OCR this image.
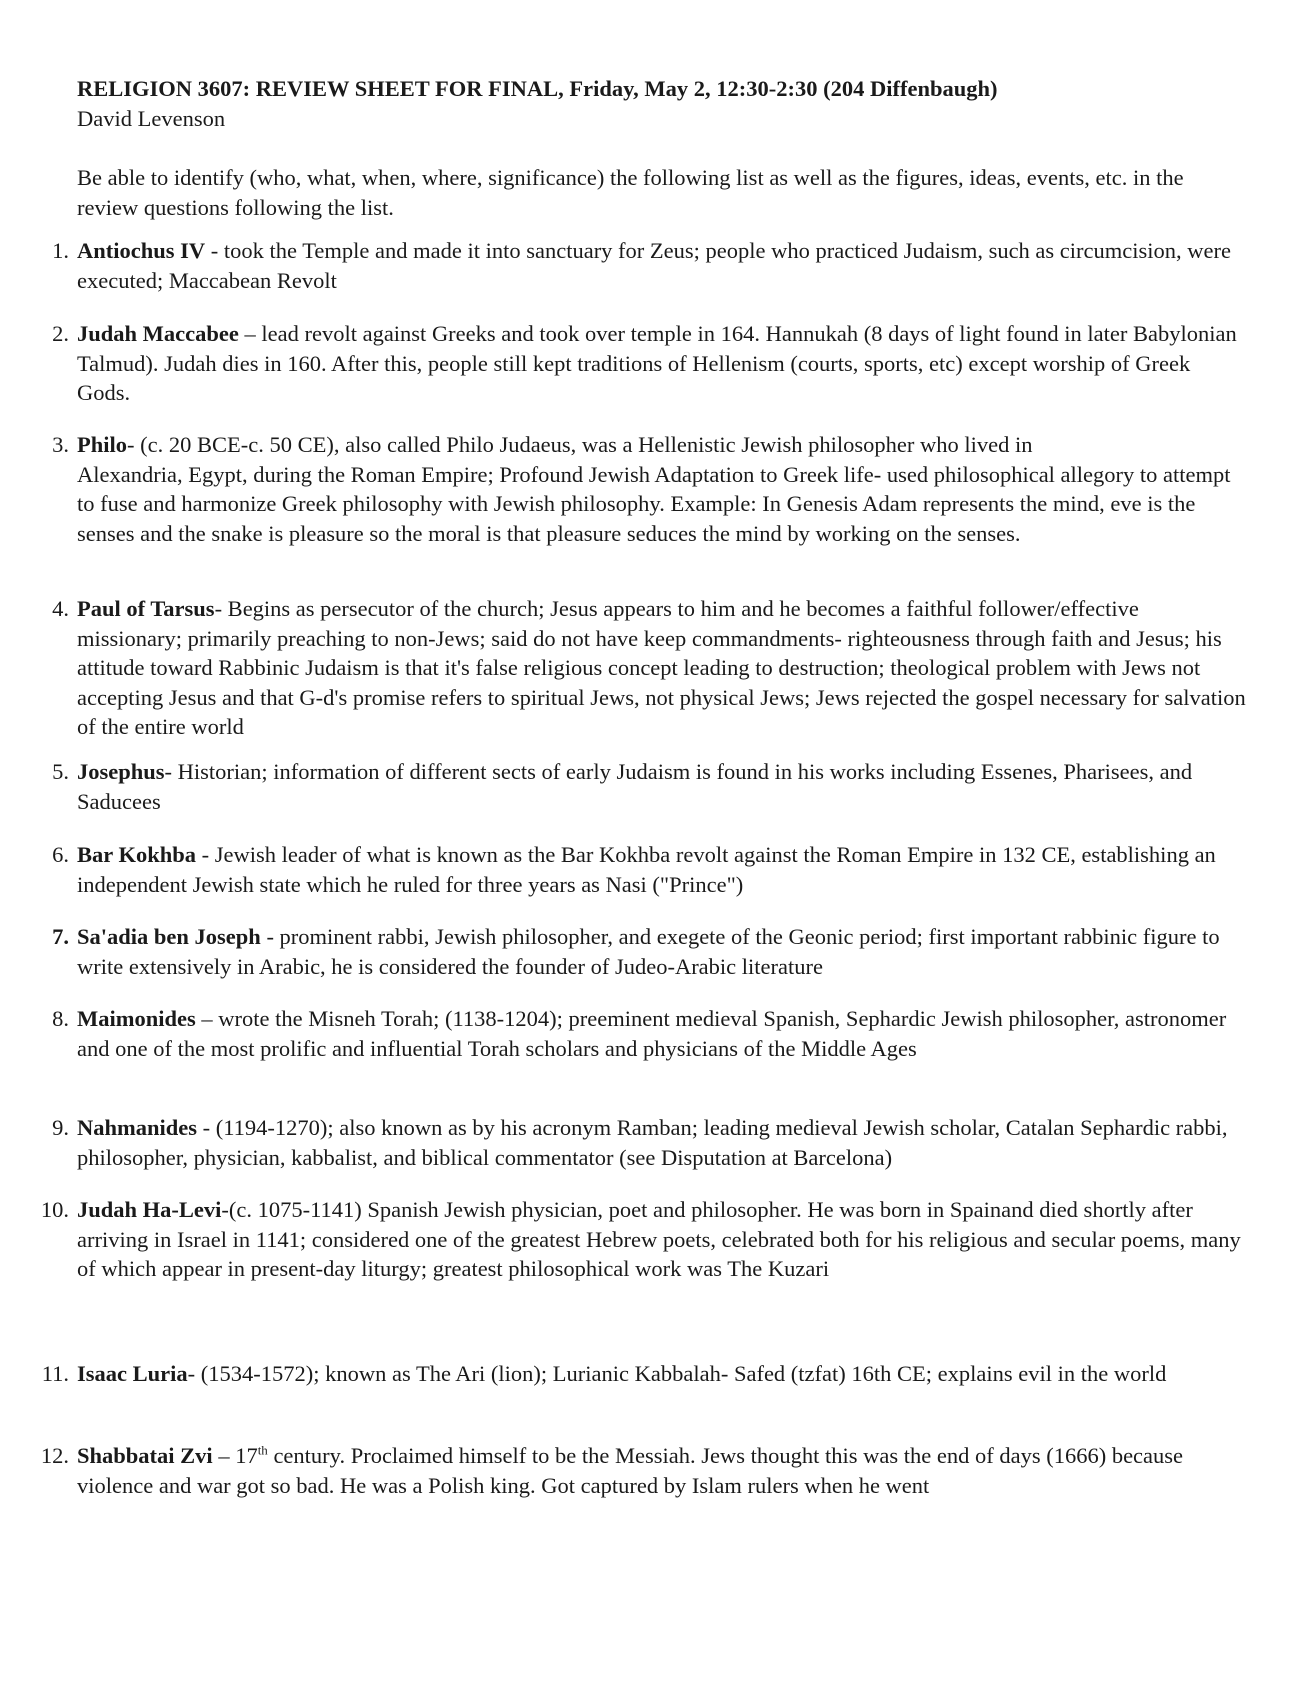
RELIGION 3607: REVIEW SHEET FOR FINAL, Friday, May 2, 12:30-2:30 (204 Diffenbaugh)

David Levenson

Be able to identify (who, what, when, where, significance) the following list as well as the figures, ideas, events, etc. in the review questions following the list.

1. Antiochus IV - took the Temple and made it into sanctuary for Zeus; people who practiced Judaism, such as circumcision, were executed; Maccabean Revolt
2. Judah Maccabee – lead revolt against Greeks and took over temple in 164. Hannukah (8 days of light found in later Babylonian Talmud). Judah dies in 160. After this, people still kept traditions of Hellenism (courts, sports, etc) except worship of Greek Gods.
3. Philo- (c. 20 BCE-c. 50 CE), also called Philo Judaeus, was a Hellenistic Jewish philosopher who lived in
Alexandria, Egypt, during the Roman Empire; Profound Jewish Adaptation to Greek life- used philosophical allegory to attempt to fuse and harmonize Greek philosophy with Jewish philosophy. Example: In Genesis Adam represents the mind, eve is the senses and the snake is pleasure so the moral is that pleasure seduces the mind by working on the senses.
4. Paul of Tarsus- Begins as persecutor of the church; Jesus appears to him and he becomes a faithful follower/effective missionary; primarily preaching to non-Jews; said do not have keep commandments- righteousness through faith and Jesus; his attitude toward Rabbinic Judaism is that it's false religious concept leading to destruction; theological problem with Jews not accepting Jesus and that G-d's promise refers to spiritual Jews, not physical Jews; Jews rejected the gospel necessary for salvation of the entire world
5. Josephus- Historian; information of different sects of early Judaism is found in his works including Essenes, Pharisees, and Saducees
6. Bar Kokhba - Jewish leader of what is known as the Bar Kokhba revolt against the Roman Empire in 132 CE, establishing an independent Jewish state which he ruled for three years as Nasi ("Prince")
7. Sa'adia ben Joseph - prominent rabbi, Jewish philosopher, and exegete of the Geonic period; first important rabbinic figure to write extensively in Arabic, he is considered the founder of Judeo-Arabic literature
8. Maimonides – wrote the Misneh Torah; (1138-1204); preeminent medieval Spanish, Sephardic Jewish philosopher, astronomer and one of the most prolific and influential Torah scholars and physicians of the Middle Ages
9. Nahmanides - (1194-1270); also known as by his acronym Ramban; leading medieval Jewish scholar, Catalan Sephardic rabbi, philosopher, physician, kabbalist, and biblical commentator (see Disputation at Barcelona)
10. Judah Ha-Levi-(c. 1075-1141) Spanish Jewish physician, poet and philosopher. He was born in Spainand died shortly after arriving in Israel in 1141; considered one of the greatest Hebrew poets, celebrated both for his religious and secular poems, many of which appear in present-day liturgy; greatest philosophical work was The Kuzari
11. Isaac Luria- (1534-1572); known as The Ari (lion); Lurianic Kabbalah- Safed (tzfat) 16th CE; explains evil in the world
12. Shabbatai Zvi – 17th century. Proclaimed himself to be the Messiah. Jews thought this was the end of days (1666) because violence and war got so bad. He was a Polish king. Got captured by Islam rulers when he went
